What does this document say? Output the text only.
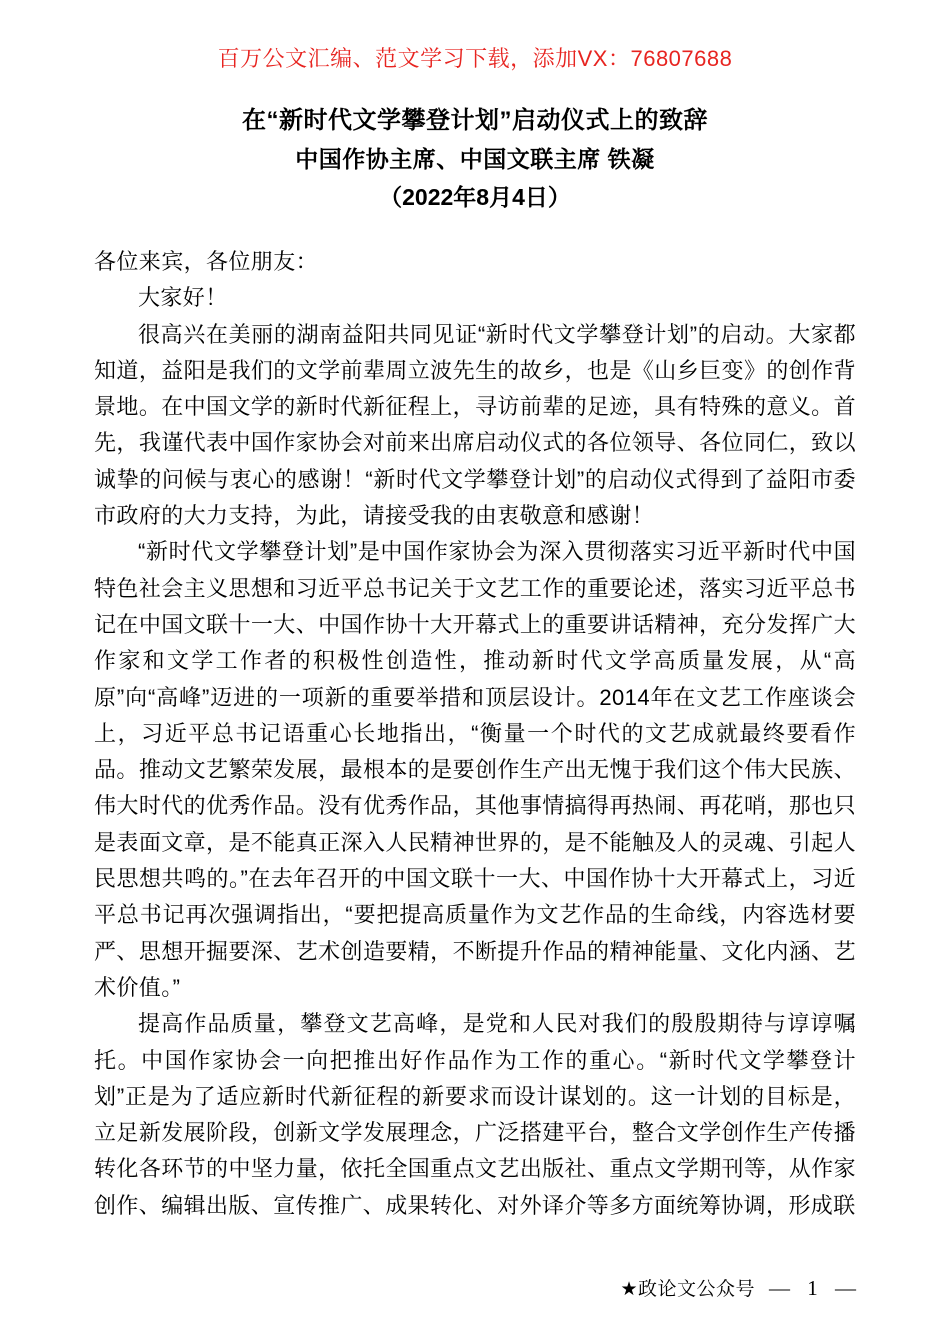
百万公文汇编、范文学习下载，添加VX：76807688
在“新时代文学攀登计划”启动仪式上的致辞
中国作协主席、中国文联主席 铁凝
（2022年8月4日）

各位来宾，各位朋友：

大家好！

很高兴在美丽的湖南益阳共同见证“新时代文学攀登计划”的启动。大家都知道，益阳是我们的文学前辈周立波先生的故乡，也是《山乡巨变》的创作背景地。在中国文学的新时代新征程上，寻访前辈的足迹，具有特殊的意义。首先，我谨代表中国作家协会对前来出席启动仪式的各位领导、各位同仁，致以诚挚的问候与衷心的感谢！“新时代文学攀登计划”的启动仪式得到了益阳市委市政府的大力支持，为此，请接受我的由衷敬意和感谢！

“新时代文学攀登计划”是中国作家协会为深入贯彻落实习近平新时代中国特色社会主义思想和习近平总书记关于文艺工作的重要论述，落实习近平总书记在中国文联十一大、中国作协十大开幕式上的重要讲话精神，充分发挥广大作家和文学工作者的积极性创造性，推动新时代文学高质量发展，从“高原”向“高峰”迈进的一项新的重要举措和顶层设计。2014年在文艺工作座谈会上，习近平总书记语重心长地指出，“衡量一个时代的文艺成就最终要看作品。推动文艺繁荣发展，最根本的是要创作生产出无愧于我们这个伟大民族、伟大时代的优秀作品。没有优秀作品，其他事情搞得再热闹、再花哨，那也只是表面文章，是不能真正深入人民精神世界的，是不能触及人的灵魂、引起人民思想共鸣的。”在去年召开的中国文联十一大、中国作协十大开幕式上，习近平总书记再次强调指出，“要把提高质量作为文艺作品的生命线，内容选材要严、思想开掘要深、艺术创造要精，不断提升作品的精神能量、文化内涵、艺术价值。”

提高作品质量，攀登文艺高峰，是党和人民对我们的殷殷期待与谆谆嘱托。中国作家协会一向把推出好作品作为工作的重心。“新时代文学攀登计划”正是为了适应新时代新征程的新要求而设计谋划的。这一计划的目标是，立足新发展阶段，创新文学发展理念，广泛搭建平台，整合文学创作生产传播转化各环节的中坚力量，依托全国重点文艺出版社、重点文学期刊等，从作家创作、编辑出版、宣传推广、成果转化、对外译介等多方面统筹协调，形成联

★政论文公众号 — 1 —
